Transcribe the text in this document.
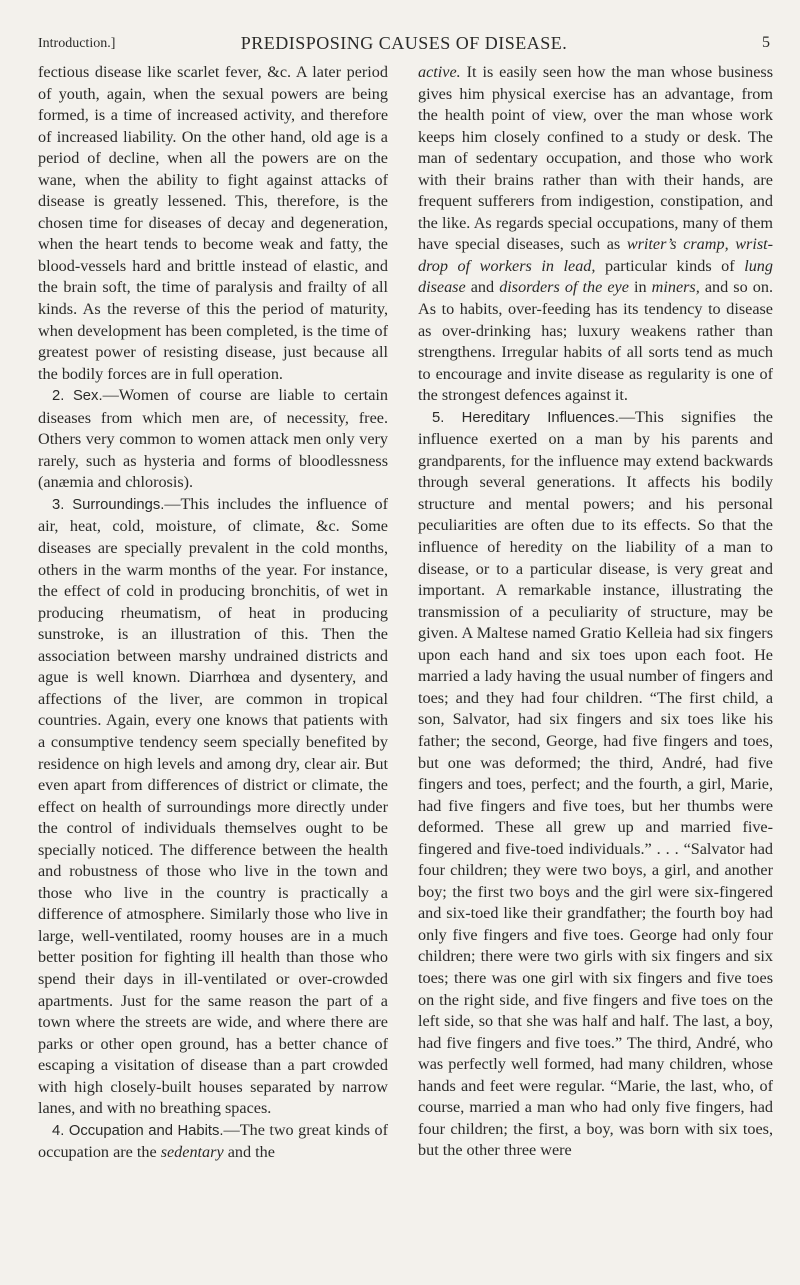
Introduction.]	PREDISPOSING CAUSES OF DISEASE.	5

fectious disease like scarlet fever, &c. A later period of youth, again, when the sexual powers are being formed, is a time of increased activity, and therefore of increased liability. On the other hand, old age is a period of decline, when all the powers are on the wane, when the ability to fight against attacks of disease is greatly lessened. This, therefore, is the chosen time for diseases of decay and degeneration, when the heart tends to become weak and fatty, the blood-vessels hard and brittle instead of elastic, and the brain soft, the time of paralysis and frailty of all kinds. As the reverse of this the period of maturity, when development has been completed, is the time of greatest power of resisting disease, just because all the bodily forces are in full operation.

2. Sex.—Women of course are liable to certain diseases from which men are, of necessity, free. Others very common to women attack men only very rarely, such as hysteria and forms of bloodlessness (anæmia and chlorosis).

3. Surroundings.—This includes the influence of air, heat, cold, moisture, of climate, &c. Some diseases are specially prevalent in the cold months, others in the warm months of the year. For instance, the effect of cold in producing bronchitis, of wet in producing rheumatism, of heat in producing sunstroke, is an illustration of this. Then the association between marshy undrained districts and ague is well known. Diarrhœa and dysentery, and affections of the liver, are common in tropical countries. Again, every one knows that patients with a consumptive tendency seem specially benefited by residence on high levels and among dry, clear air. But even apart from differences of district or climate, the effect on health of surroundings more directly under the control of individuals themselves ought to be specially noticed. The difference between the health and robustness of those who live in the town and those who live in the country is practically a difference of atmosphere. Similarly those who live in large, well-ventilated, roomy houses are in a much better position for fighting ill health than those who spend their days in ill-ventilated or over-crowded apartments. Just for the same reason the part of a town where the streets are wide, and where there are parks or other open ground, has a better chance of escaping a visitation of disease than a part crowded with high closely-built houses separated by narrow lanes, and with no breathing spaces.

4. Occupation and Habits.—The two great kinds of occupation are the sedentary and the

active. It is easily seen how the man whose business gives him physical exercise has an advantage, from the health point of view, over the man whose work keeps him closely confined to a study or desk. The man of sedentary occupation, and those who work with their brains rather than with their hands, are frequent sufferers from indigestion, constipation, and the like. As regards special occupations, many of them have special diseases, such as writer’s cramp, wrist-drop of workers in lead, particular kinds of lung disease and disorders of the eye in miners, and so on. As to habits, over-feeding has its tendency to disease as over-drinking has; luxury weakens rather than strengthens. Irregular habits of all sorts tend as much to encourage and invite disease as regularity is one of the strongest defences against it.

5. Hereditary Influences.—This signifies the influence exerted on a man by his parents and grandparents, for the influence may extend backwards through several generations. It affects his bodily structure and mental powers; and his personal peculiarities are often due to its effects. So that the influence of heredity on the liability of a man to disease, or to a particular disease, is very great and important. A remarkable instance, illustrating the transmission of a peculiarity of structure, may be given. A Maltese named Gratio Kelleia had six fingers upon each hand and six toes upon each foot. He married a lady having the usual number of fingers and toes; and they had four children. “The first child, a son, Salvator, had six fingers and six toes like his father; the second, George, had five fingers and toes, but one was deformed; the third, André, had five fingers and toes, perfect; and the fourth, a girl, Marie, had five fingers and five toes, but her thumbs were deformed. These all grew up and married five-fingered and five-toed individuals.” . . . “Salvator had four children; they were two boys, a girl, and another boy; the first two boys and the girl were six-fingered and six-toed like their grandfather; the fourth boy had only five fingers and five toes. George had only four children; there were two girls with six fingers and six toes; there was one girl with six fingers and five toes on the right side, and five fingers and five toes on the left side, so that she was half and half. The last, a boy, had five fingers and five toes.” The third, André, who was perfectly well formed, had many children, whose hands and feet were regular. “Marie, the last, who, of course, married a man who had only five fingers, had four children; the first, a boy, was born with six toes, but the other three were
